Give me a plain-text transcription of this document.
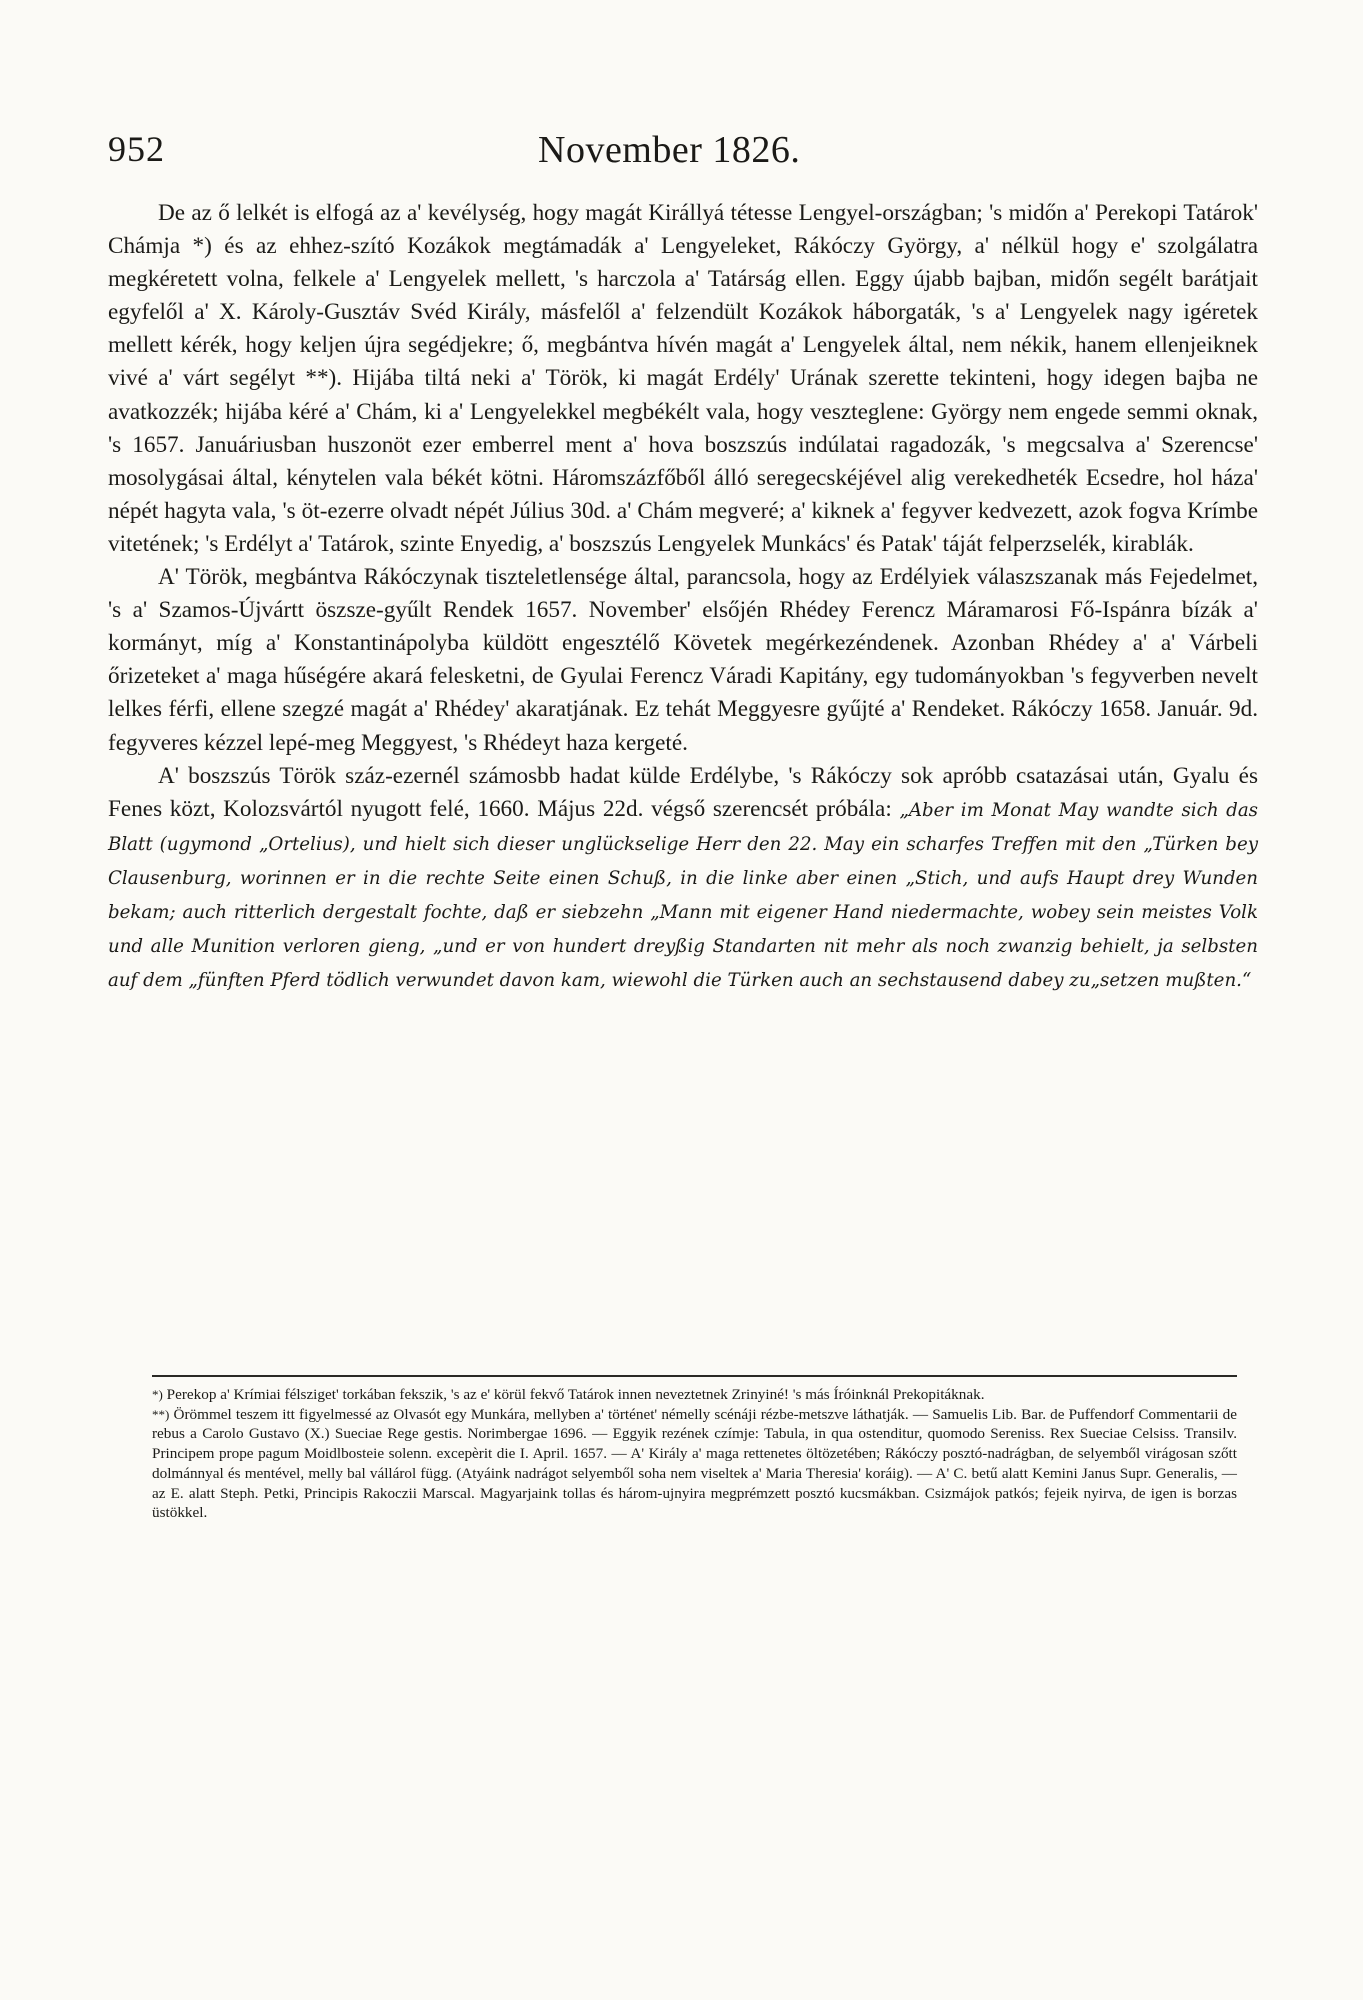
952	November 1826.

De az ő lelkét is elfogá az a' kevélység, hogy magát Királlyá tétesse Lengyel-országban; 's midőn a' Perekopi Tatárok' Chámja *) és az ehhez-szító Kozákok megtámadák a' Lengyeleket, Rákóczy György, a' nélkül hogy e' szolgálatra megkéretett volna, felkele a' Lengyelek mellett, 's harczola a' Tatárság ellen. Eggy újabb bajban, midőn segélt barátjait egyfelől a' X. Károly-Gusztáv Svéd Király, másfelől a' felzendült Kozákok háborgaták, 's a' Lengyelek nagy igéretek mellett kérék, hogy keljen újra segédjekre; ő, megbántva hívén magát a' Lengyelek által, nem nékik, hanem ellenjeiknek vivé a' várt segélyt **). Hijába tiltá neki a' Török, ki magát Erdély' Urának szerette tekinteni, hogy idegen bajba ne avatkozzék; hijába kéré a' Chám, ki a' Lengyelekkel megbékélt vala, hogy veszteglene: György nem engede semmi oknak, 's 1657. Januáriusban huszonöt ezer emberrel ment a' hova boszszús indúlatai ragadozák, 's megcsalva a' Szerencse' mosolygásai által, kénytelen vala békét kötni. Háromszázfőből álló seregecskéjével alig verekedheték Ecsedre, hol háza' népét hagyta vala, 's öt-ezerre olvadt népét Július 30d. a' Chám megveré; a' kiknek a' fegyver kedvezett, azok fogva Krímbe vitetének; 's Erdélyt a' Tatárok, szinte Enyedig, a' boszszús Lengyelek Munkács' és Patak' táját felperzselék, kirablák.

A' Török, megbántva Rákóczynak tiszteletlensége által, parancsola, hogy az Erdélyiek válaszszanak más Fejedelmet, 's a' Szamos-Újvártt öszsze-gyűlt Rendek 1657. November' elsőjén Rhédey Ferencz Máramarosi Fő-Ispánra bízák a' kormányt, míg a' Konstantinápolyba küldött engesztélő Követek megérkezéndenek. Azonban Rhédey a' a' Várbeli őrizeteket a' maga hűségére akará felesketni, de Gyulai Ferencz Váradi Kapitány, egy tudományokban 's fegyverben nevelt lelkes férfi, ellene szegzé magát a' Rhédey' akaratjának. Ez tehát Meggyesre gyűjté a' Rendeket. Rákóczy 1658. Január. 9d. fegyveres kézzel lepé-meg Meggyest, 's Rhédeyt haza kergeté.

A' boszszús Török száz-ezernél számosbb hadat külde Erdélybe, 's Rákóczy sok apróbb csatazásai után, Gyalu és Fenes közt, Kolozsvártól nyugott felé, 1660. Május 22d. végső szerencsét próbála: „Aber im Monat May wandte sich das Blatt (ugymond „Ortelius), und hielt sich dieser unglückselige Herr den 22. May ein scharfes Treffen mit den „Türken bey Clausenburg, worinnen er in die rechte Seite einen Schuß, in die linke aber einen „Stich, und aufs Haupt drey Wunden bekam; auch ritterlich dergestalt fochte, daß er siebzehn „Mann mit eigener Hand niedermachte, wobey sein meistes Volk und alle Munition verloren gieng, „und er von hundert dreyßig Standarten nit mehr als noch zwanzig behielt, ja selbsten auf dem „fünften Pferd tödlich verwundet davon kam, wiewohl die Türken auch an sechstausend dabey zu„setzen mußten.“

*) Perekop a' Krímiai félsziget' torkában fekszik, 's az e' körül fekvő Tatárok innen neveztetnek Zrinyiné! 's más Íróinknál Prekopitáknak.

**) Örömmel teszem itt figyelmessé az Olvasót egy Munkára, mellyben a' történet' némelly scénáji rézbe-metszve láthatják. — Samuelis Lib. Bar. de Puffendorf Commentarii de rebus a Carolo Gustavo (X.) Sueciae Rege gestis. Norimbergae 1696. — Eggyik rezének czímje: Tabula, in qua ostenditur, quomodo Sereniss. Rex Sueciae Celsiss. Transilv. Principem prope pagum Moidlbosteie solenn. excepèrit die I. April. 1657. — A' Király a' maga rettenetes öltözetében; Rákóczy posztó-nadrágban, de selyemből virágosan szőtt dolmánnyal és mentével, melly bal vállárol függ. (Atyáink nadrágot selyemből soha nem viseltek a' Maria Theresia' koráig). — A' C. betű alatt Kemini Janus Supr. Generalis, — az E. alatt Steph. Petki, Principis Rakoczii Marscal. Magyarjaink tollas és három-ujnyira megprémzett posztó kucsmákban. Csizmájok patkós; fejeik nyirva, de igen is borzas üstökkel.
